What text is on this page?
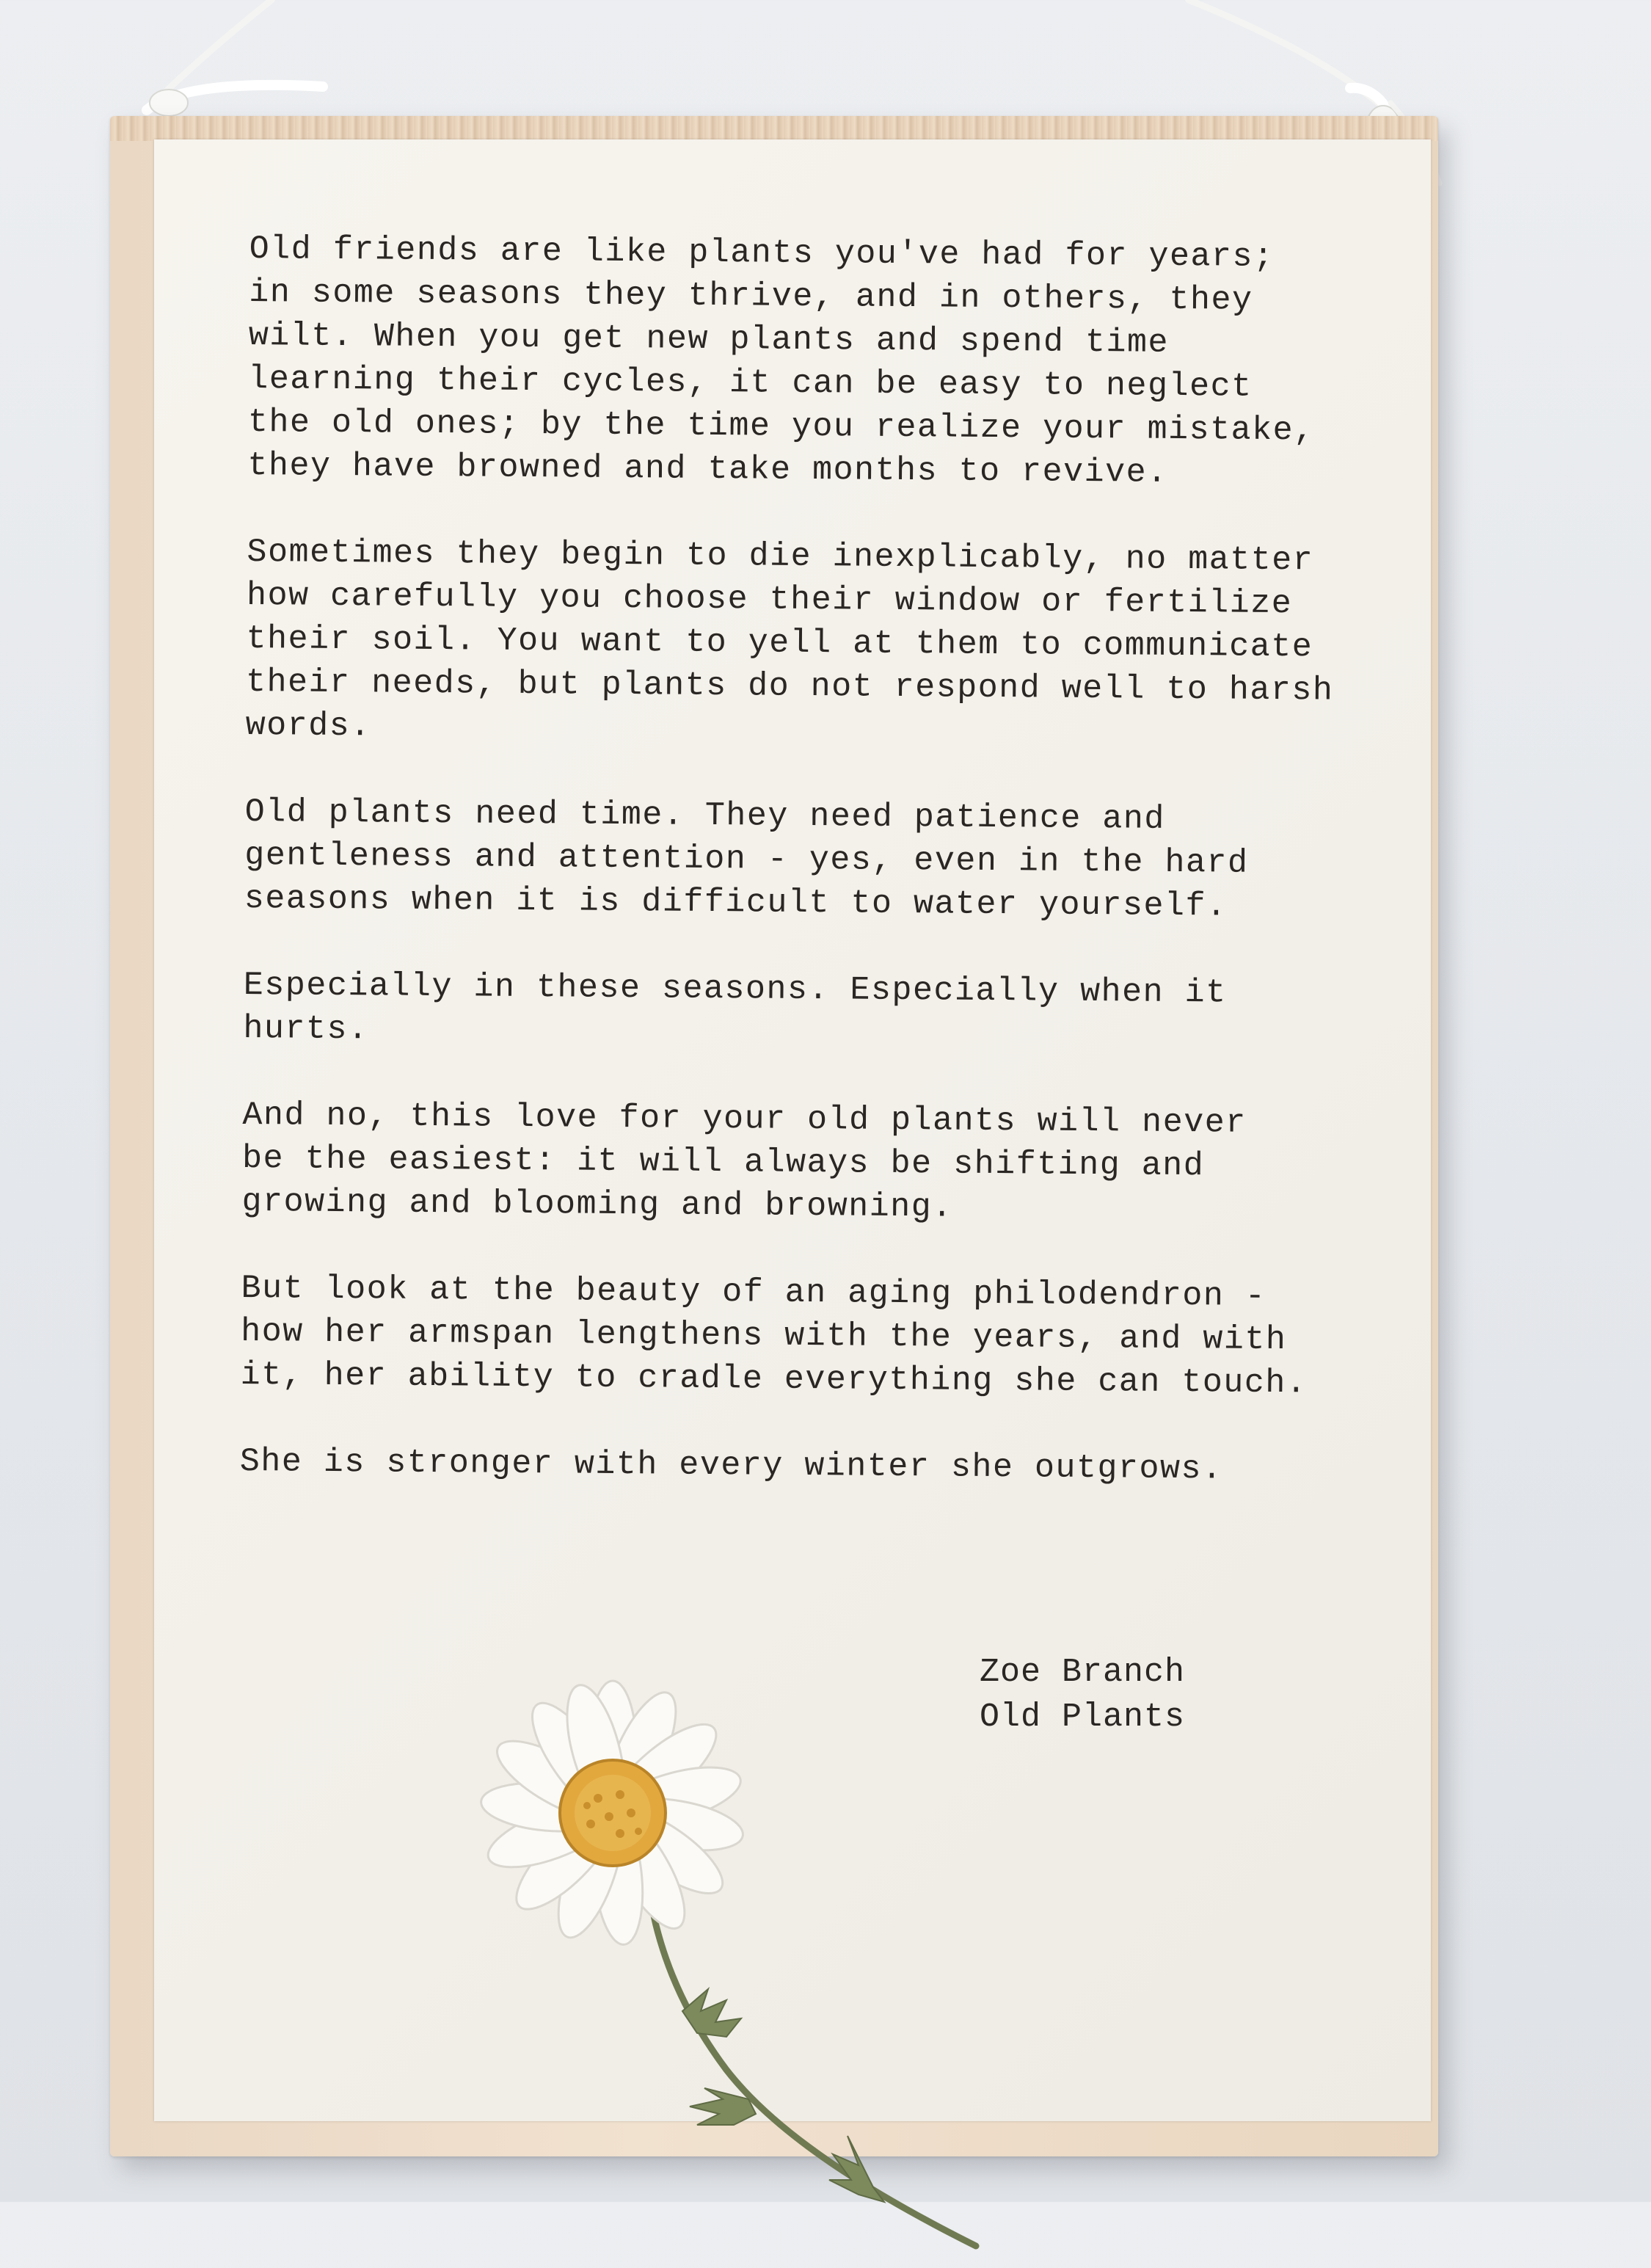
Old friends are like plants you've had for years;
in some seasons they thrive, and in others, they
wilt. When you get new plants and spend time
learning their cycles, it can be easy to neglect
the old ones; by the time you realize your mistake,
they have browned and take months to revive.
Sometimes they begin to die inexplicably, no matter
how carefully you choose their window or fertilize
their soil. You want to yell at them to communicate
their needs, but plants do not respond well to harsh
words.
Old plants need time. They need patience and
gentleness and attention - yes, even in the hard
seasons when it is difficult to water yourself.
Especially in these seasons. Especially when it
hurts.
And no, this love for your old plants will never
be the easiest: it will always be shifting and
growing and blooming and browning.
But look at the beauty of an aging philodendron -
how her armspan lengthens with the years, and with
it, her ability to cradle everything she can touch.
She is stronger with every winter she outgrows.
Zoe Branch
Old Plants
